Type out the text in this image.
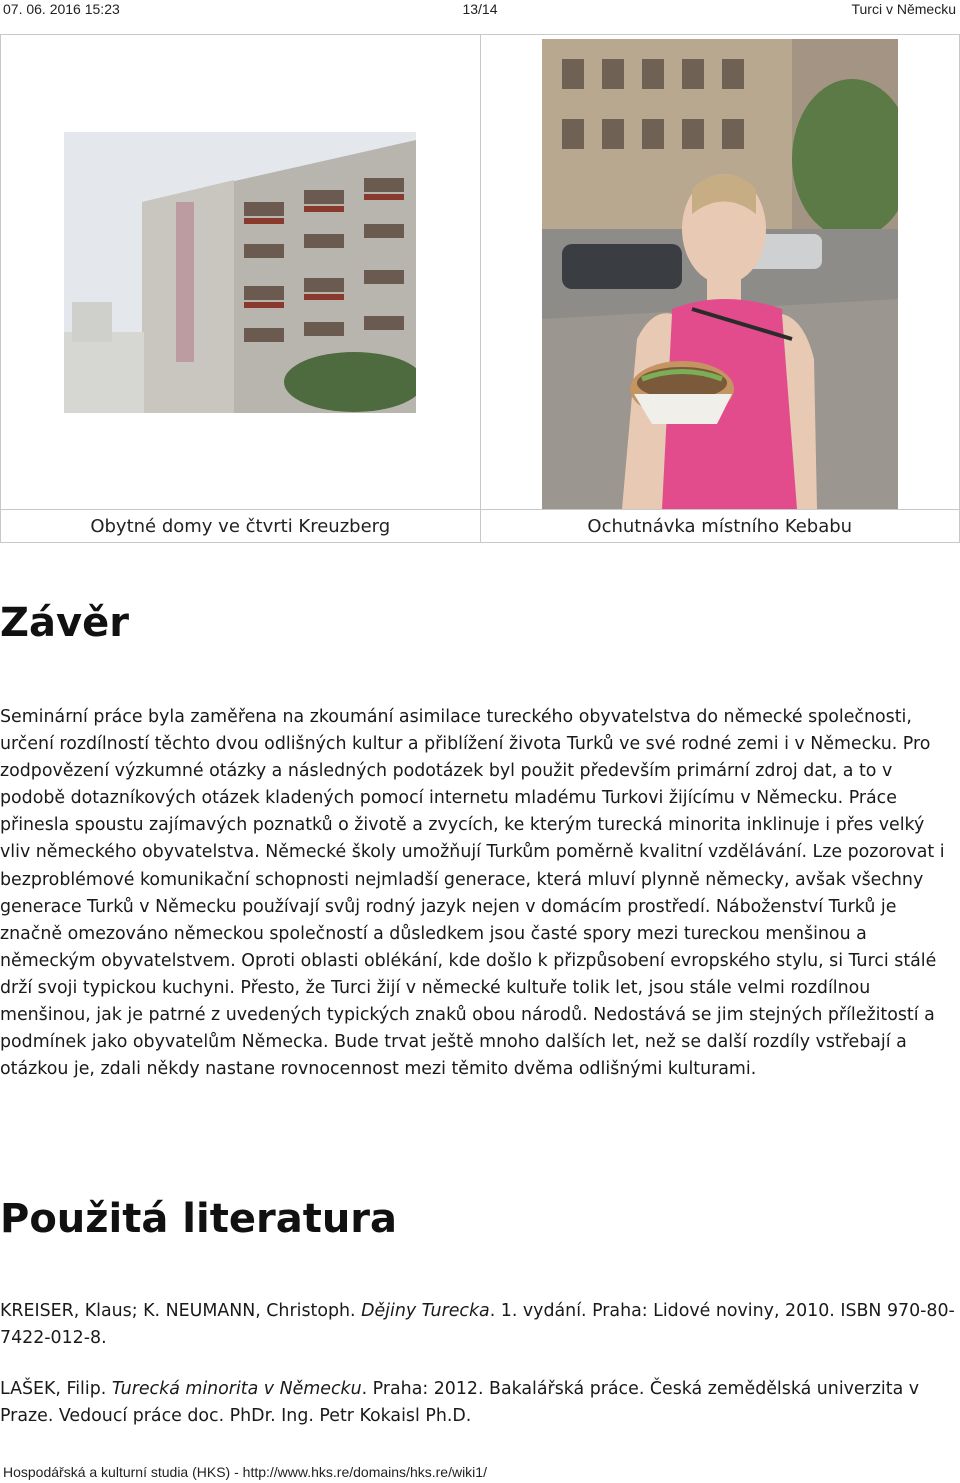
07. 06. 2016 15:23	13/14	Turci v Německu

Obytné domy ve čtvrti Kreuzberg	Ochutnávka místního Kebabu
Závěr

Seminární práce byla zaměřena na zkoumání asimilace tureckého obyvatelstva do německé společnosti, určení rozdílností těchto dvou odlišných kultur a přiblížení života Turků ve své rodné zemi i v Německu. Pro zodpovězení výzkumné otázky a následných podotázek byl použit především primární zdroj dat, a to v podobě dotazníkových otázek kladených pomocí internetu mladému Turkovi žijícímu v Německu. Práce přinesla spoustu zajímavých poznatků o životě a zvycích, ke kterým turecká minorita inklinuje i přes velký vliv německého obyvatelstva. Německé školy umožňují Turkům poměrně kvalitní vzdělávání. Lze pozorovat i bezproblémové komunikační schopnosti nejmladší generace, která mluví plynně německy, avšak všechny generace Turků v Německu používají svůj rodný jazyk nejen v domácím prostředí. Náboženství Turků je značně omezováno německou společností a důsledkem jsou časté spory mezi tureckou menšinou a německým obyvatelstvem. Oproti oblasti oblékání, kde došlo k přizpůsobení evropského stylu, si Turci stálé drží svoji typickou kuchyni. Přesto, že Turci žijí v německé kultuře tolik let, jsou stále velmi rozdílnou menšinou, jak je patrné z uvedených typických znaků obou národů. Nedostává se jim stejných příležitostí a podmínek jako obyvatelům Německa. Bude trvat ještě mnoho dalších let, než se další rozdíly vstřebají a otázkou je, zdali někdy nastane rovnocennost mezi těmito dvěma odlišnými kulturami.

Použitá literatura

KREISER, Klaus; K. NEUMANN, Christoph. Dějiny Turecka. 1. vydání. Praha: Lidové noviny, 2010. ISBN 970-80-7422-012-8.

LAŠEK, Filip. Turecká minorita v Německu. Praha: 2012. Bakalářská práce. Česká zemědělská univerzita v Praze. Vedoucí práce doc. PhDr. Ing. Petr Kokaisl Ph.D.

Hospodářská a kulturní studia (HKS) - http://www.hks.re/domains/hks.re/wiki1/
